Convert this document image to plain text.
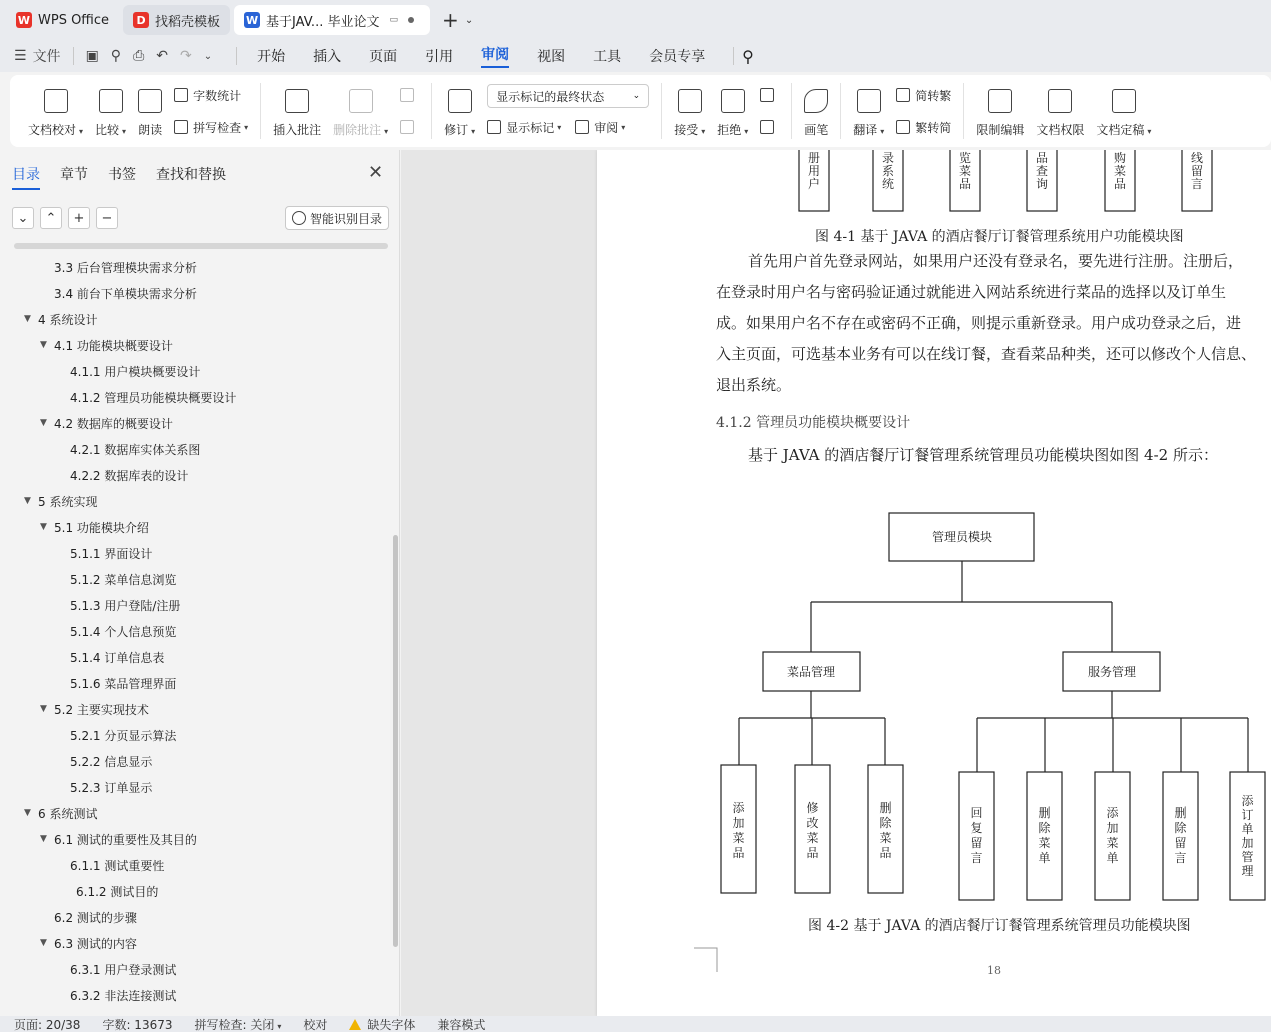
W WPS Office	D 找稻壳模板 W 基于JAV... 毕业论文 ▭ + ⌄
☰ 文件 ▣ ⚲ ⎙ ↶ ↷ ⌄	开始 插入 页面 引用 审阅 视图 工具 会员专享 ⚲
文档校对 ▾ 比较 ▾ 朗读
字数统计
拼写检查 ▾ 插入批注 删除批注 ▾	修订 ▾
显示标记的最终状态	⌄
显示标记 ▾	审阅 ▾	接受 ▾ 拒绝 ▾	画笔 翻译 ▾
简转繁
繁转简 限制编辑 文档权限 文档定稿 ▾
目录 章节 书签 查找和替换	✕
⌄	⌃	+	−	智能识别目录
3.3 后台管理模块需求分析
3.4 前台下单模块需求分析
▼ 4 系统设计
▼ 4.1 功能模块概要设计
4.1.1 用户模块概要设计
4.1.2 管理员功能模块概要设计
▼ 4.2 数据库的概要设计
4.2.1 数据库实体关系图
4.2.2 数据库表的设计
▼ 5 系统实现
▼ 5.1 功能模块介绍
5.1.1 界面设计
5.1.2 菜单信息浏览
5.1.3 用户登陆/注册
5.1.4 个人信息预览
5.1.4 订单信息表
5.1.6 菜品管理界面
▼ 5.2 主要实现技术
5.2.1 分页显示算法
5.2.2 信息显示
5.2.3 订单显示
▼ 6 系统测试
▼ 6.1 测试的重要性及其目的
6.1.1 测试重要性
6.1.2 测试目的
6.2 测试的步骤
▼ 6.3 测试的内容
6.3.1 用户登录测试
6.3.2 非法连接测试
册
用
户
录
系
统
览
菜
品
品
查
询
购
菜
品
线
留
言
管理员模块
菜品管理	服务管理
添
加
菜
品
修
改
菜
品
删
除
菜
品
回
复
留
言
删
除
菜
单
添
加
菜
单
删
除
留
言
添
订
单
加
管
理
图 4-1 基于 JAVA 的酒店餐厅订餐管理系统用户功能模块图
首先用户首先登录网站，如果用户还没有登录名，要先进行注册。注册后，
在登录时用户名与密码验证通过就能进入网站系统进行菜品的选择以及订单生
成。如果用户名不存在或密码不正确，则提示重新登录。用户成功登录之后，进
入主页面，可选基本业务有可以在线订餐，查看菜品种类，还可以修改个人信息、
退出系统。
4.1.2 管理员功能模块概要设计
基于 JAVA 的酒店餐厅订餐管理系统管理员功能模块图如图 4-2 所示：
图 4-2 基于 JAVA 的酒店餐厅订餐管理系统管理员功能模块图
18
页面: 20/38 字数: 13673 拼写检查: 关闭 ▾ 校对	缺失字体 兼容模式
